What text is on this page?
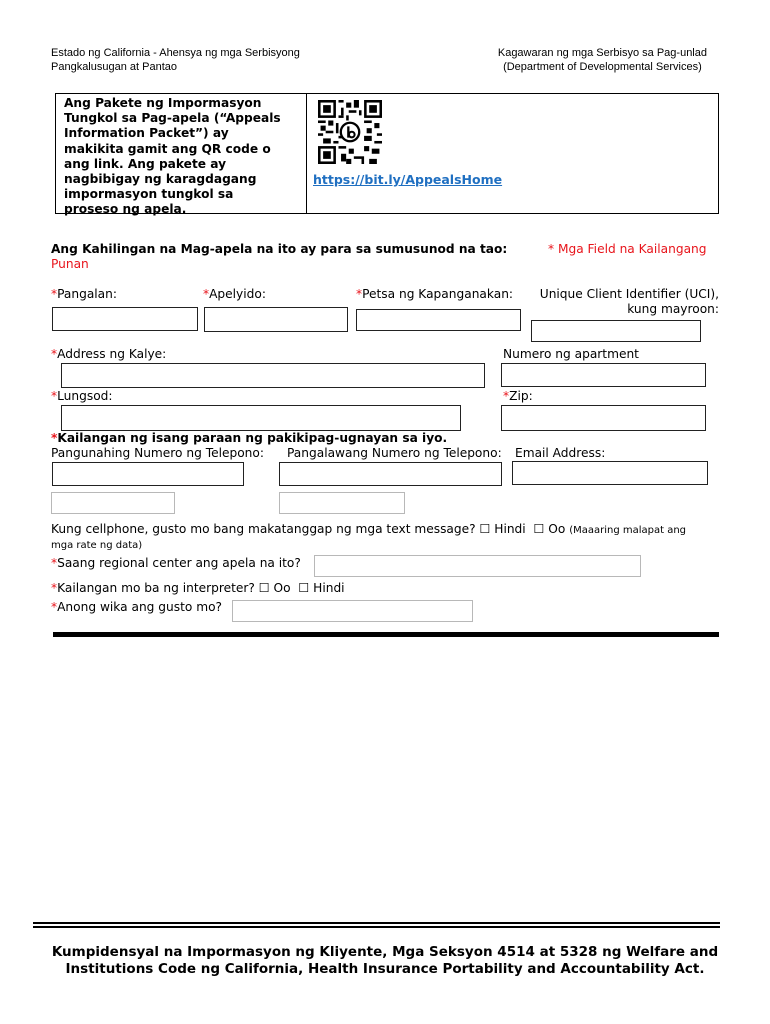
Estado ng California - Ahensya ng mga Serbisyong
Pangkalusugan at Pantao
Kagawaran ng mga Serbisyo sa Pag-unlad
(Department of Developmental Services)
Ang Pakete ng Impormasyon
Tungkol sa Pag-apela (“Appeals
Information Packet”) ay
makikita gamit ang QR code o
ang link. Ang pakete ay
nagbibigay ng karagdagang
impormasyon tungkol sa
proseso ng apela.
https://bit.ly/AppealsHome
Ang Kahilingan na Mag-apela na ito ay para sa sumusunod na tao:	* Mga Field na Kailangang
Punan
*Pangalan:	*Apelyido:	*Petsa ng Kapanganakan: Unique Client Identifier (UCI),
kung mayroon:
*Address ng Kalye:	Numero ng apartment
*Lungsod:	*Zip:
*Kailangan ng isang paraan ng pakikipag-ugnayan sa iyo.
Pangunahing Numero ng Telepono: Pangalawang Numero ng Telepono: Email Address:
Kung cellphone, gusto mo bang makatanggap ng mga text message? ☐ Hindi ☐ Oo (Maaaring malapat ang
mga rate ng data)
*Saang regional center ang apela na ito?
*Kailangan mo ba ng interpreter? ☐ Oo ☐ Hindi
*Anong wika ang gusto mo?
Kumpidensyal na Impormasyon ng Kliyente, Mga Seksyon 4514 at 5328 ng Welfare and
Institutions Code ng California, Health Insurance Portability and Accountability Act.
